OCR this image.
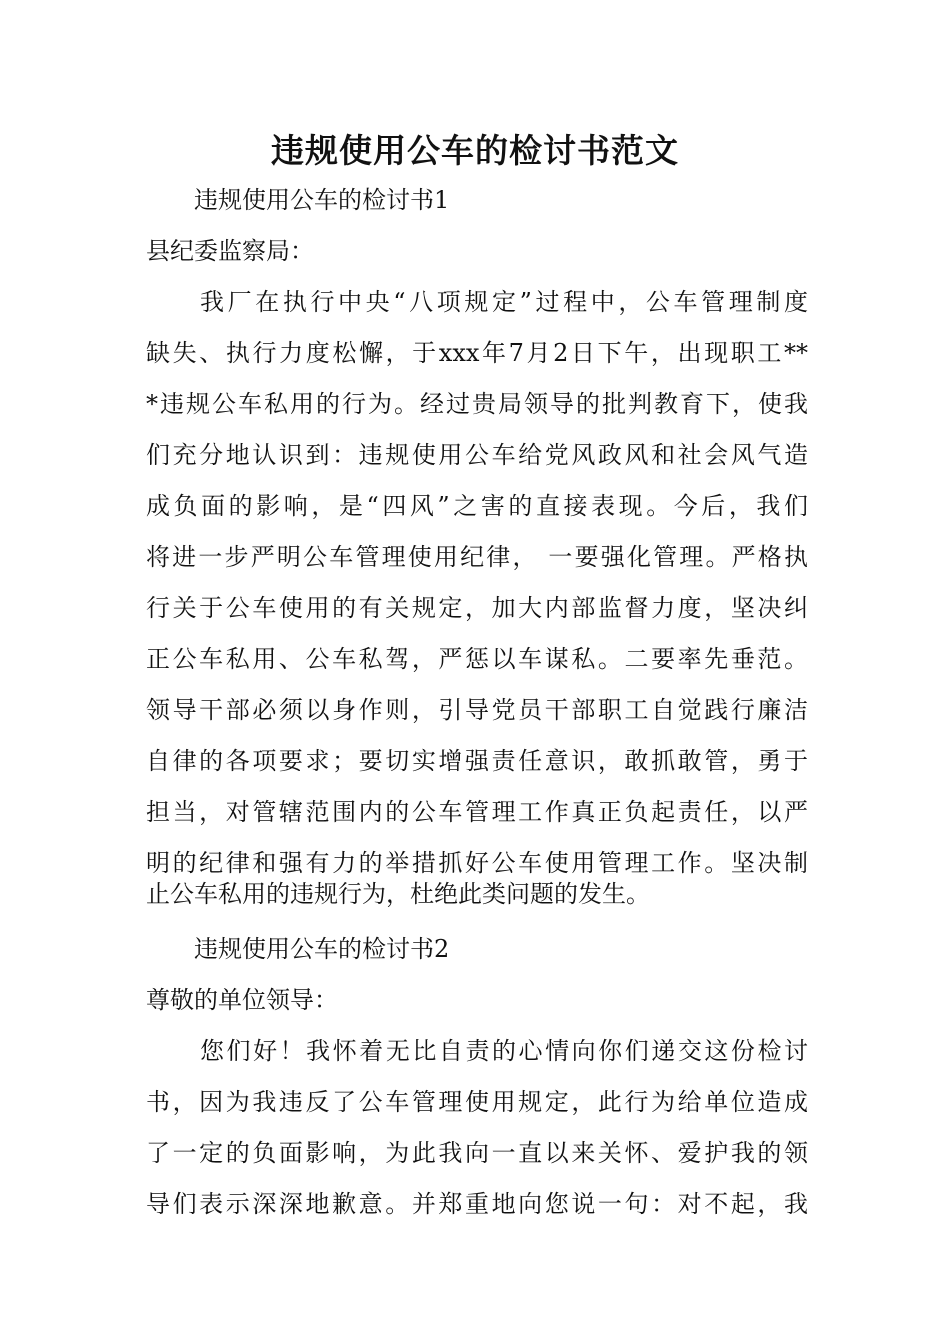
违规使用公车的检讨书范文
违规使用公车的检讨书1
县纪委监察局：
我厂在执行中央“八项规定”过程中，公车管理制度
缺失、执行力度松懈，于xxx年7月2日下午，出现职工**
*违规公车私用的行为。经过贵局领导的批判教育下，使我
们充分地认识到：违规使用公车给党风政风和社会风气造
成负面的影响，是“四风”之害的直接表现。今后，我们
将进一步严明公车管理使用纪律， 一要强化管理。严格执
行关于公车使用的有关规定，加大内部监督力度，坚决纠
正公车私用、公车私驾，严惩以车谋私。二要率先垂范。
领导干部必须以身作则，引导党员干部职工自觉践行廉洁
自律的各项要求；要切实增强责任意识，敢抓敢管，勇于
担当，对管辖范围内的公车管理工作真正负起责任，以严
明的纪律和强有力的举措抓好公车使用管理工作。坚决制
止公车私用的违规行为，杜绝此类问题的发生。
违规使用公车的检讨书2
尊敬的单位领导：
您们好！我怀着无比自责的心情向你们递交这份检讨
书，因为我违反了公车管理使用规定，此行为给单位造成
了一定的负面影响，为此我向一直以来关怀、爱护我的领
导们表示深深地歉意。并郑重地向您说一句：对不起，我
